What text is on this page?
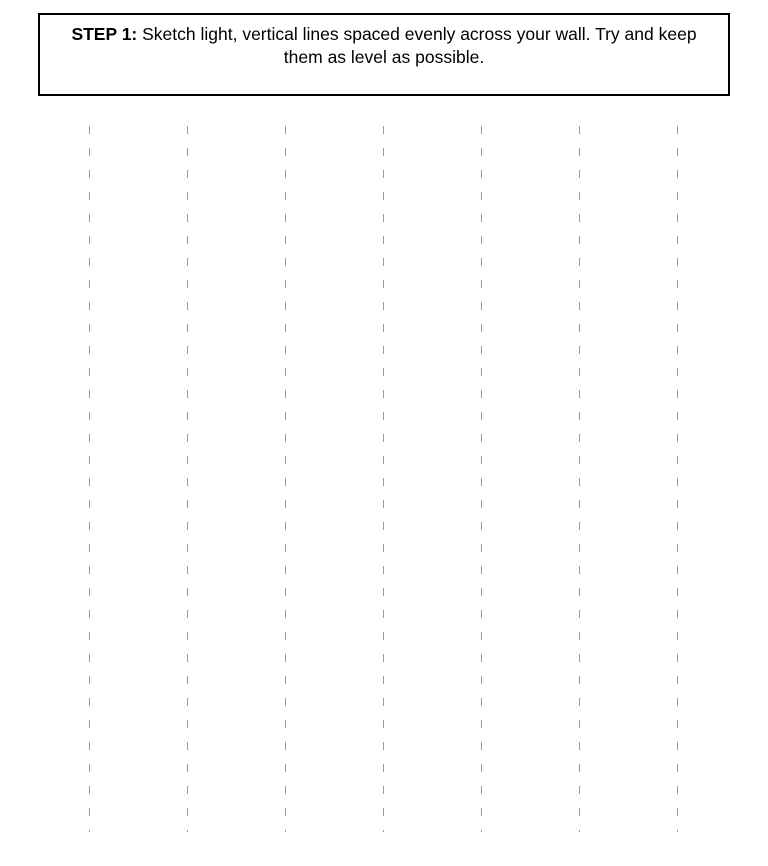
STEP 1: Sketch light, vertical lines spaced evenly across your wall. Try and keep them as level as possible.
